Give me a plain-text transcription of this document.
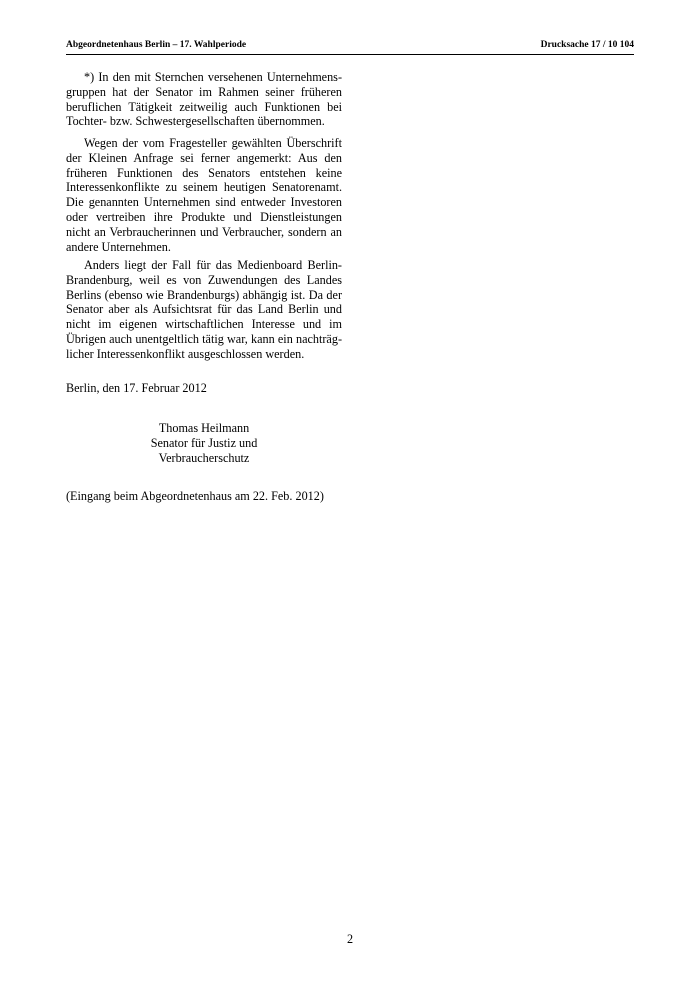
Abgeordnetenhaus Berlin – 17. Wahlperiode	Drucksache 17 / 10 104

*) In den mit Sternchen versehenen Unternehmensgruppen hat der Senator im Rahmen seiner früheren beruflichen Tätigkeit zeitweilig auch Funktionen bei Tochter- bzw. Schwestergesellschaften übernommen.

Wegen der vom Fragesteller gewählten Überschrift der Kleinen Anfrage sei ferner angemerkt: Aus den früheren Funktionen des Senators entstehen keine Interessenkonflikte zu seinem heutigen Senatorenamt. Die genannten Unternehmen sind entweder Investoren oder vertreiben ihre Produkte und Dienstleistungen nicht an Verbraucherinnen und Verbraucher, sondern an andere Unternehmen.

Anders liegt der Fall für das Medienboard Berlin-Brandenburg, weil es von Zuwendungen des Landes Berlins (ebenso wie Brandenburgs) abhängig ist. Da der Senator aber als Aufsichtsrat für das Land Berlin und nicht im eigenen wirtschaftlichen Interesse und im Übrigen auch unentgeltlich tätig war, kann ein nachträglicher Interessenkonflikt ausgeschlossen werden.

Berlin, den 17. Februar 2012
Thomas Heilmann
Senator für Justiz und
Verbraucherschutz
(Eingang beim Abgeordnetenhaus am 22. Feb. 2012)
2
